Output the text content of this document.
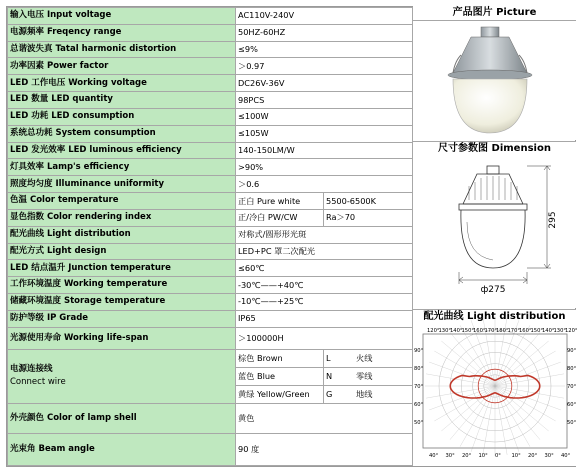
输入电压 Input voltage	AC110V-240V	
电源频率 Freqency range	50HZ-60HZ	
总谐波失真 Tatal harmonic distortion	≤9%	
功率因素 Power factor	＞0.97	
LED 工作电压 Working voltage	DC26V-36V	
LED 数量 LED quantity	98PCS	
LED 功耗 LED consumption	≤100W	
系统总功耗 System consumption	≤105W	
LED 发光效率 LED luminous efficiency	140-150LM/W	
灯具效率 Lamp's efficiency	>90%	
照度均匀度 Illuminance uniformity	＞0.6	
色温 Color temperature	正白 Pure white	5500-6500K
显色指数 Color rendering index	正/冷白 PW/CW	Ra＞70
配光曲线 Light distribution	对称式/圆形形光斑	
配光方式 Light design	LED+PC 罩二次配光	
LED 结点温升 Junction temperature	≤60℃	
工作环境温度 Working temperature	-30℃——+40℃	
储藏环境温度 Storage temperature	-10℃——+25℃	
防护等级 IP Grade	IP65	
光源使用寿命 Working life-span	＞100000H	

电源连接线
Connect wire	棕色 Brown	L 火线
	蓝色 Blue	N 零线
	黄绿 Yellow/Green	G 地线
外壳颜色 Color of lamp shell	黄色	
光束角 Beam angle	90 度	
产品图片 Picture
尺寸参数图 Dimension
295
ф275
配光曲线 Light distribution
120° 130° 140° 150° 160° 170° 180° 170° 160° 150° 140° 130° 120°
90°	90°
80°	80°
70°	70°
60°	60°
50°	50°
40° 30° 20° 10° 0° 10° 20° 30° 40°
